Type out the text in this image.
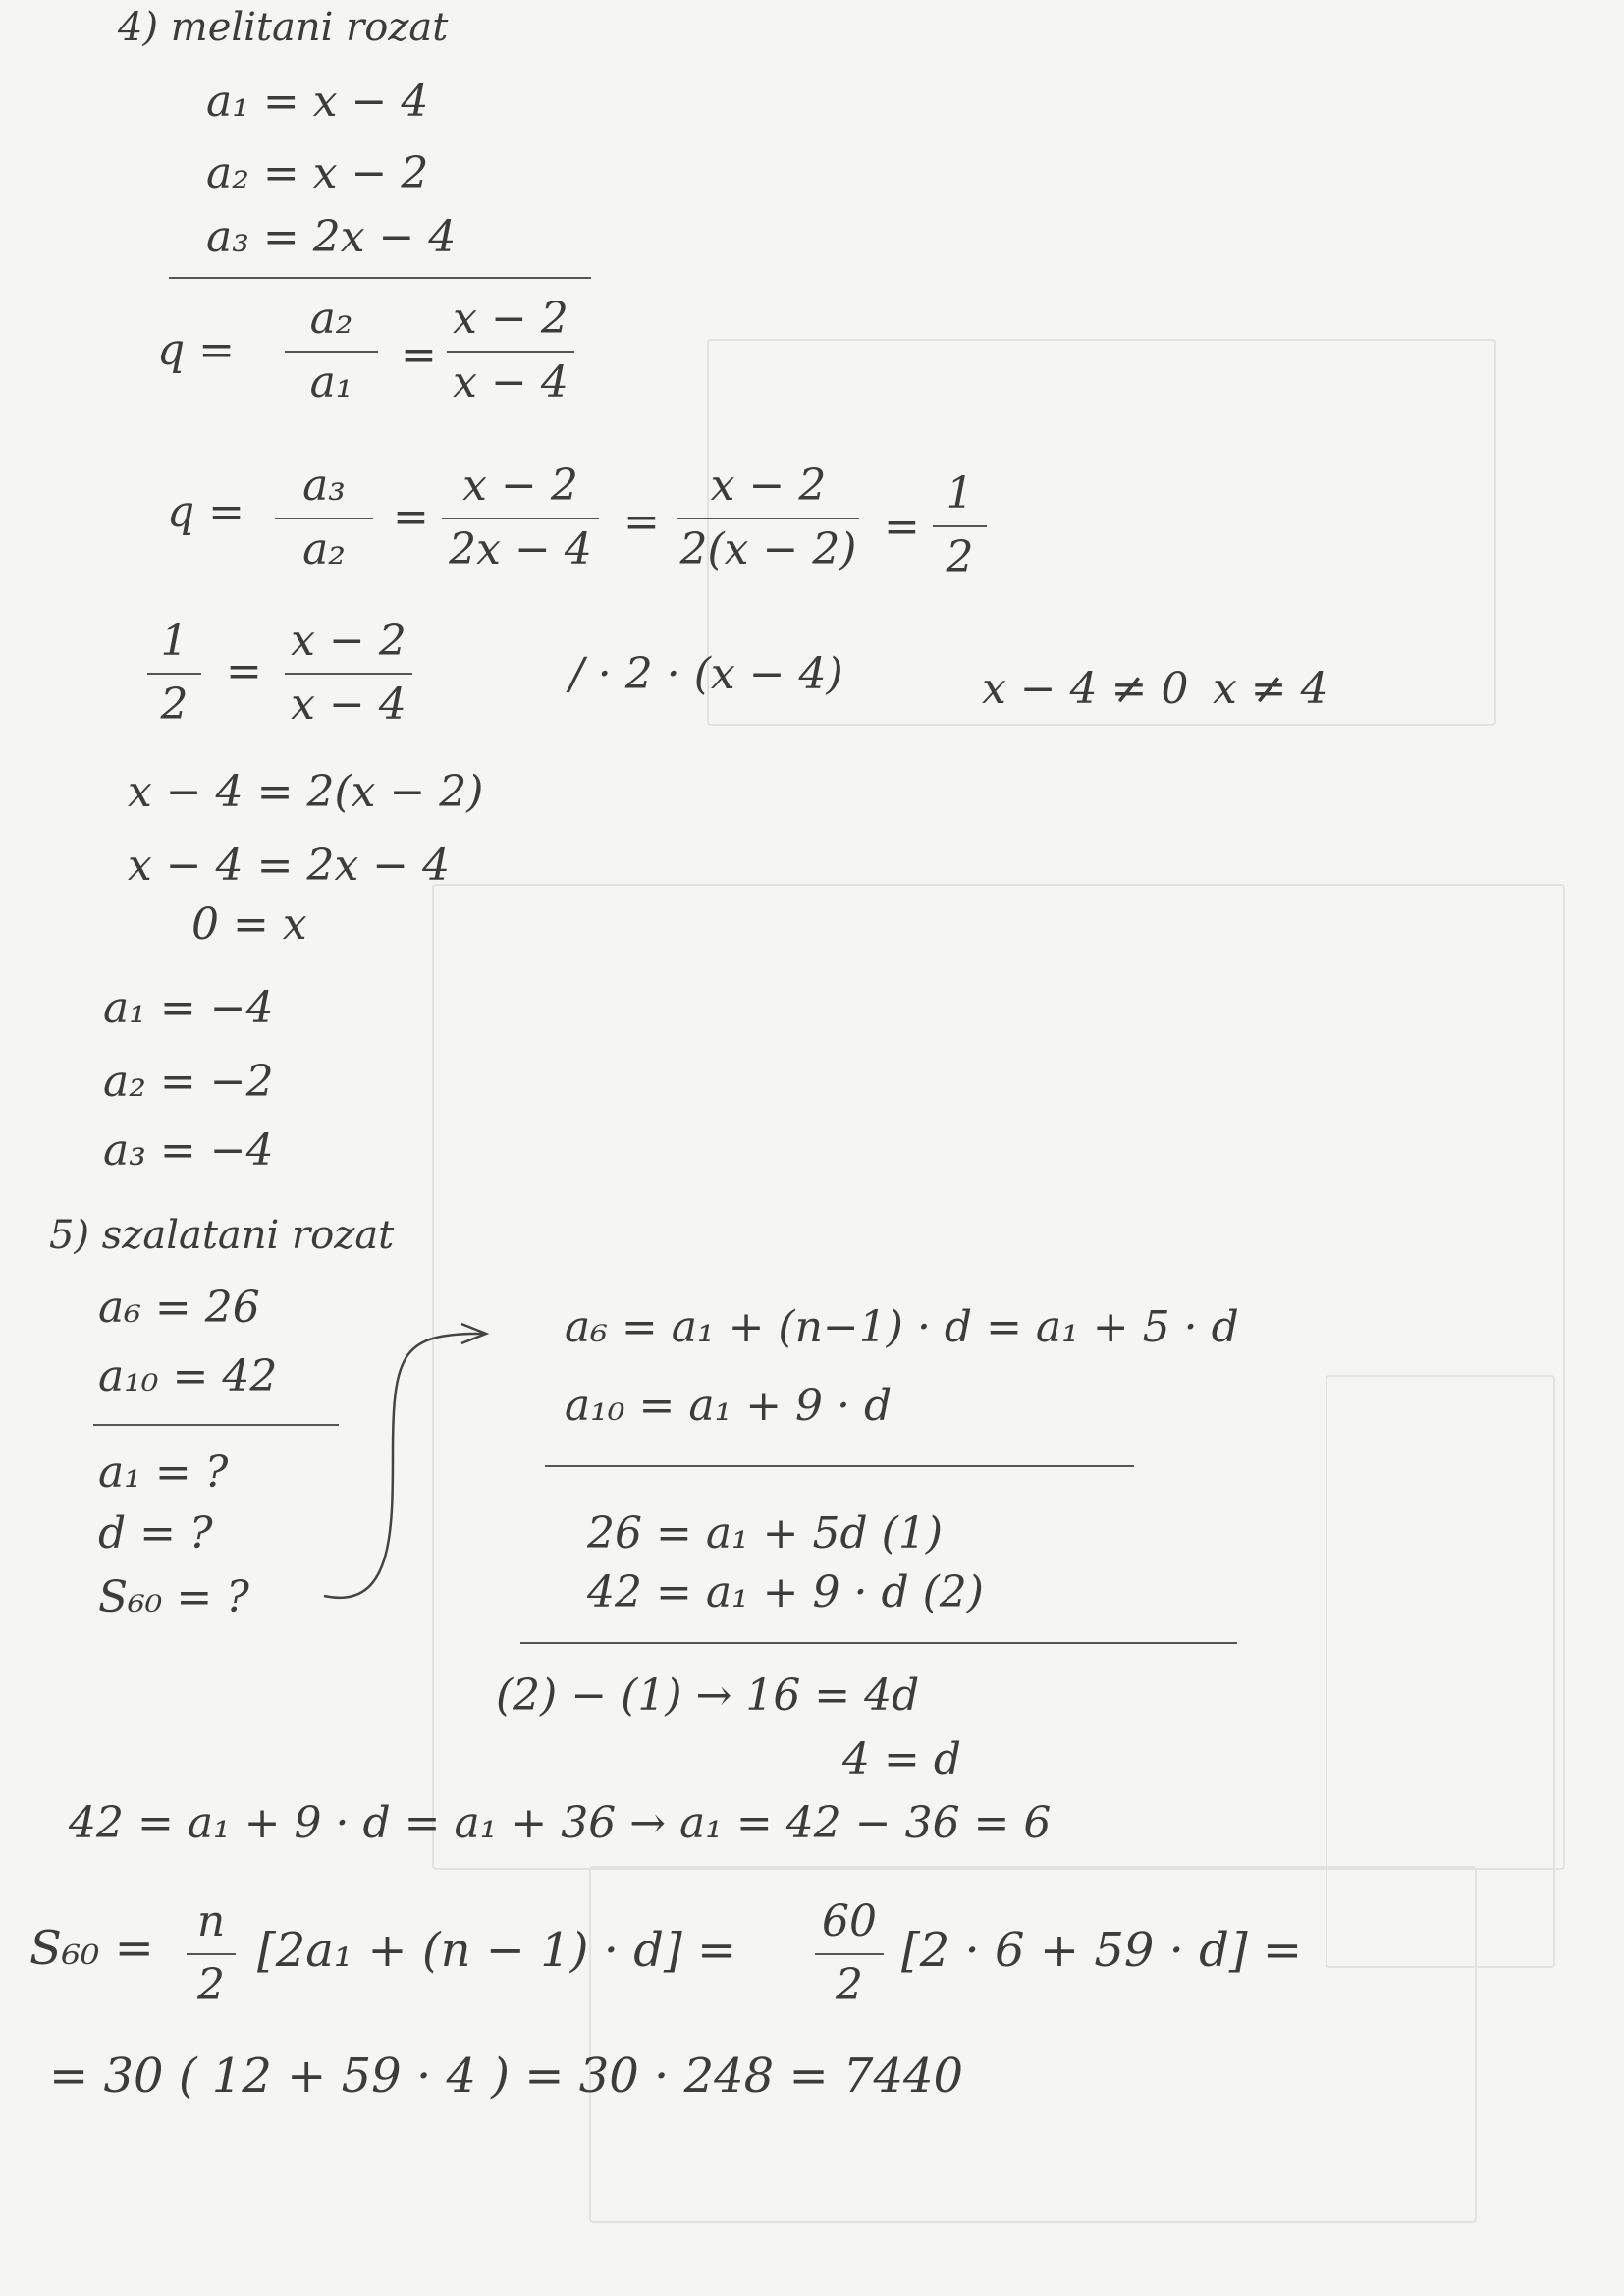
4) melitani rozat
a₁ = x − 4
a₂ = x − 2
a₃ = 2x − 4
q =
a₂
a₁
=
x − 2
x − 4
q =
a₃
a₂
=
x − 2
2x − 4
=
x − 2
2(x − 2) =
1
2
1
2
=
x − 2
x − 4
/ · 2 · (x − 4)	x − 4 ≠ 0 x ≠ 4
x − 4 = 2(x − 2)
x − 4 = 2x − 4
0 = x
a₁ = −4
a₂ = −2
a₃ = −4
5) szalatani rozat
a₆ = 26
a₁₀ = 42
a₁ = ?
d = ?
S₆₀ = ?
a₆ = a₁ + (n−1) · d = a₁ + 5 · d
a₁₀ = a₁ + 9 · d
26 = a₁ + 5d (1)
42 = a₁ + 9 · d (2)
(2) − (1) → 16 = 4d
4 = d
42 = a₁ + 9 · d = a₁ + 36 → a₁ = 42 − 36 = 6
S₆₀ = n
2
[2a₁ + (n − 1) · d] =
60
2
[2 · 6 + 59 · d] =
= 30 ( 12 + 59 · 4 ) = 30 · 248 = 7440
